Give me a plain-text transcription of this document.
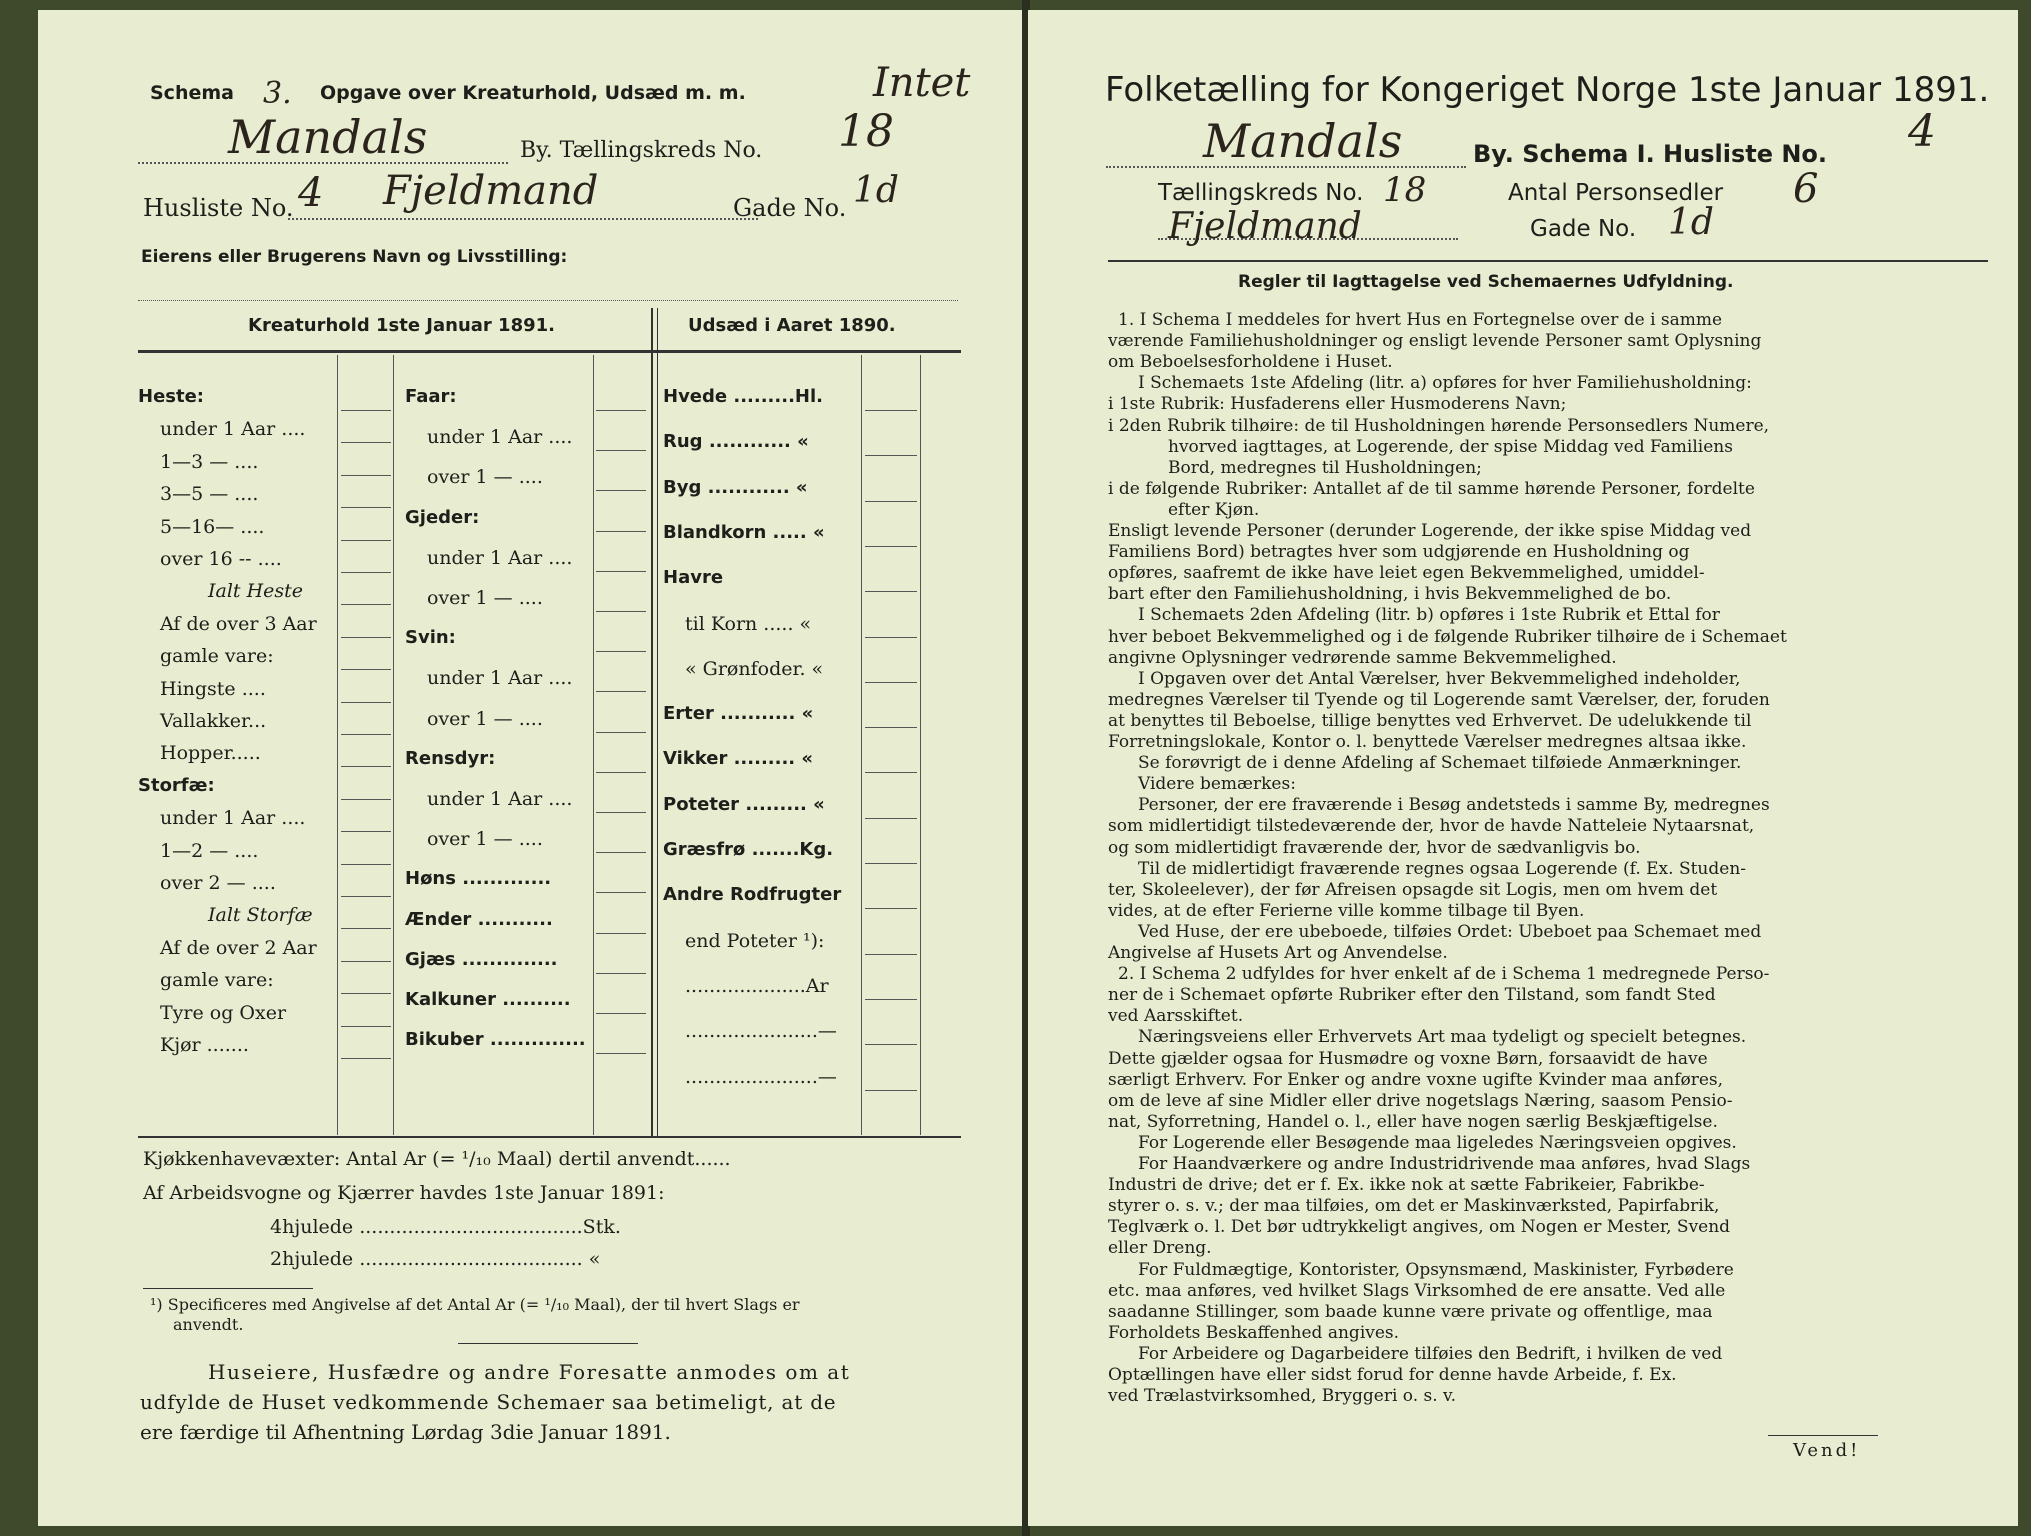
Schema 3. Opgave over Kreaturhold, Udsæd m. m.	Intet
Mandals	By. Tællingskreds No. 18
Husliste No. 4 Fjeldmand	Gade No. 1d
Eierens eller Brugerens Navn og Livsstilling:
Kreaturhold 1ste Januar 1891.	Udsæd i Aaret 1890.
Kjøkkenhavevæxter: Antal Ar (= ¹/₁₀ Maal) dertil anvendt......
Af Arbeidsvogne og Kjærrer havdes 1ste Januar 1891:
4hjulede .....................................Stk.
2hjulede ..................................... «
¹) Specificeres med Angivelse af det Antal Ar (= ¹/₁₀ Maal), der til hvert Slags er
anvendt.
Huseiere, Husfædre og andre Foresatte anmodes om at
udfylde de Huset vedkommende Schemaer saa betimeligt, at de
ere færdige til Afhentning Lørdag 3die Januar 1891.
Heste:
under 1 Aar ....
1—3 — ....
3—5 — ....
5—16— ....
over 16 -- ....
Ialt Heste
Af de over 3 Aar
gamle vare:
Hingste ....
Vallakker...
Hopper.....
Storfæ:
under 1 Aar ....
1—2 — ....
over 2 — ....
Ialt Storfæ
Af de over 2 Aar
gamle vare:
Tyre og Oxer
Kjør .......
Faar:
under 1 Aar ....
over 1 — ....
Gjeder:
under 1 Aar ....
over 1 — ....
Svin:
under 1 Aar ....
over 1 — ....
Rensdyr:
under 1 Aar ....
over 1 — ....
Høns .............
Ænder ...........
Gjæs ..............
Kalkuner ..........
Bikuber ..............
Hvede .........Hl.
Rug ............ «
Byg ............ «
Blandkorn ..... «
Havre
til Korn ..... «
« Grønfoder. «
Erter ........... «
Vikker ......... «
Poteter ......... «
Græsfrø .......Kg.
Andre Rodfrugter
end Poteter ¹):
....................Ar
......................—
......................—
Folketælling for Kongeriget Norge 1ste Januar 1891.
Mandals	By. Schema I. Husliste No. 4
Tællingskreds No. 18	Antal Personsedler 6
Fjeldmand	Gade No. 1d
Regler til Iagttagelse ved Schemaernes Udfyldning.
Vend!
1. I Schema I meddeles for hvert Hus en Fortegnelse over de i samme
værende Familiehusholdninger og ensligt levende Personer samt Oplysning
om Beboelsesforholdene i Huset.
I Schemaets 1ste Afdeling (litr. a) opføres for hver Familiehusholdning:
i 1ste Rubrik: Husfaderens eller Husmoderens Navn;
i 2den Rubrik tilhøire: de til Husholdningen hørende Personsedlers Numere,
hvorved iagttages, at Logerende, der spise Middag ved Familiens
Bord, medregnes til Husholdningen;
i de følgende Rubriker: Antallet af de til samme hørende Personer, fordelte
efter Kjøn.
Ensligt levende Personer (derunder Logerende, der ikke spise Middag ved
Familiens Bord) betragtes hver som udgjørende en Husholdning og
opføres, saafremt de ikke have leiet egen Bekvemmelighed, umiddel-
bart efter den Familiehusholdning, i hvis Bekvemmelighed de bo.
I Schemaets 2den Afdeling (litr. b) opføres i 1ste Rubrik et Ettal for
hver beboet Bekvemmelighed og i de følgende Rubriker tilhøire de i Schemaet
angivne Oplysninger vedrørende samme Bekvemmelighed.
I Opgaven over det Antal Værelser, hver Bekvemmelighed indeholder,
medregnes Værelser til Tyende og til Logerende samt Værelser, der, foruden
at benyttes til Beboelse, tillige benyttes ved Erhvervet. De udelukkende til
Forretningslokale, Kontor o. l. benyttede Værelser medregnes altsaa ikke.
Se forøvrigt de i denne Afdeling af Schemaet tilføiede Anmærkninger.
Videre bemærkes:
Personer, der ere fraværende i Besøg andetsteds i samme By, medregnes
som midlertidigt tilstedeværende der, hvor de havde Natteleie Nytaarsnat,
og som midlertidigt fraværende der, hvor de sædvanligvis bo.
Til de midlertidigt fraværende regnes ogsaa Logerende (f. Ex. Studen-
ter, Skoleelever), der før Afreisen opsagde sit Logis, men om hvem det
vides, at de efter Ferierne ville komme tilbage til Byen.
Ved Huse, der ere ubeboede, tilføies Ordet: Ubeboet paa Schemaet med
Angivelse af Husets Art og Anvendelse.
2. I Schema 2 udfyldes for hver enkelt af de i Schema 1 medregnede Perso-
ner de i Schemaet opførte Rubriker efter den Tilstand, som fandt Sted
ved Aarsskiftet.
Næringsveiens eller Erhvervets Art maa tydeligt og specielt betegnes.
Dette gjælder ogsaa for Husmødre og voxne Børn, forsaavidt de have
særligt Erhverv. For Enker og andre voxne ugifte Kvinder maa anføres,
om de leve af sine Midler eller drive nogetslags Næring, saasom Pensio-
nat, Syforretning, Handel o. l., eller have nogen særlig Beskjæftigelse.
For Logerende eller Besøgende maa ligeledes Næringsveien opgives.
For Haandværkere og andre Industridrivende maa anføres, hvad Slags
Industri de drive; det er f. Ex. ikke nok at sætte Fabrikeier, Fabrikbe-
styrer o. s. v.; der maa tilføies, om det er Maskinværksted, Papirfabrik,
Teglværk o. l. Det bør udtrykkeligt angives, om Nogen er Mester, Svend
eller Dreng.
For Fuldmægtige, Kontorister, Opsynsmænd, Maskinister, Fyrbødere
etc. maa anføres, ved hvilket Slags Virksomhed de ere ansatte. Ved alle
saadanne Stillinger, som baade kunne være private og offentlige, maa
Forholdets Beskaffenhed angives.
For Arbeidere og Dagarbeidere tilføies den Bedrift, i hvilken de ved
Optællingen have eller sidst forud for denne havde Arbeide, f. Ex.
ved Trælastvirksomhed, Bryggeri o. s. v.
